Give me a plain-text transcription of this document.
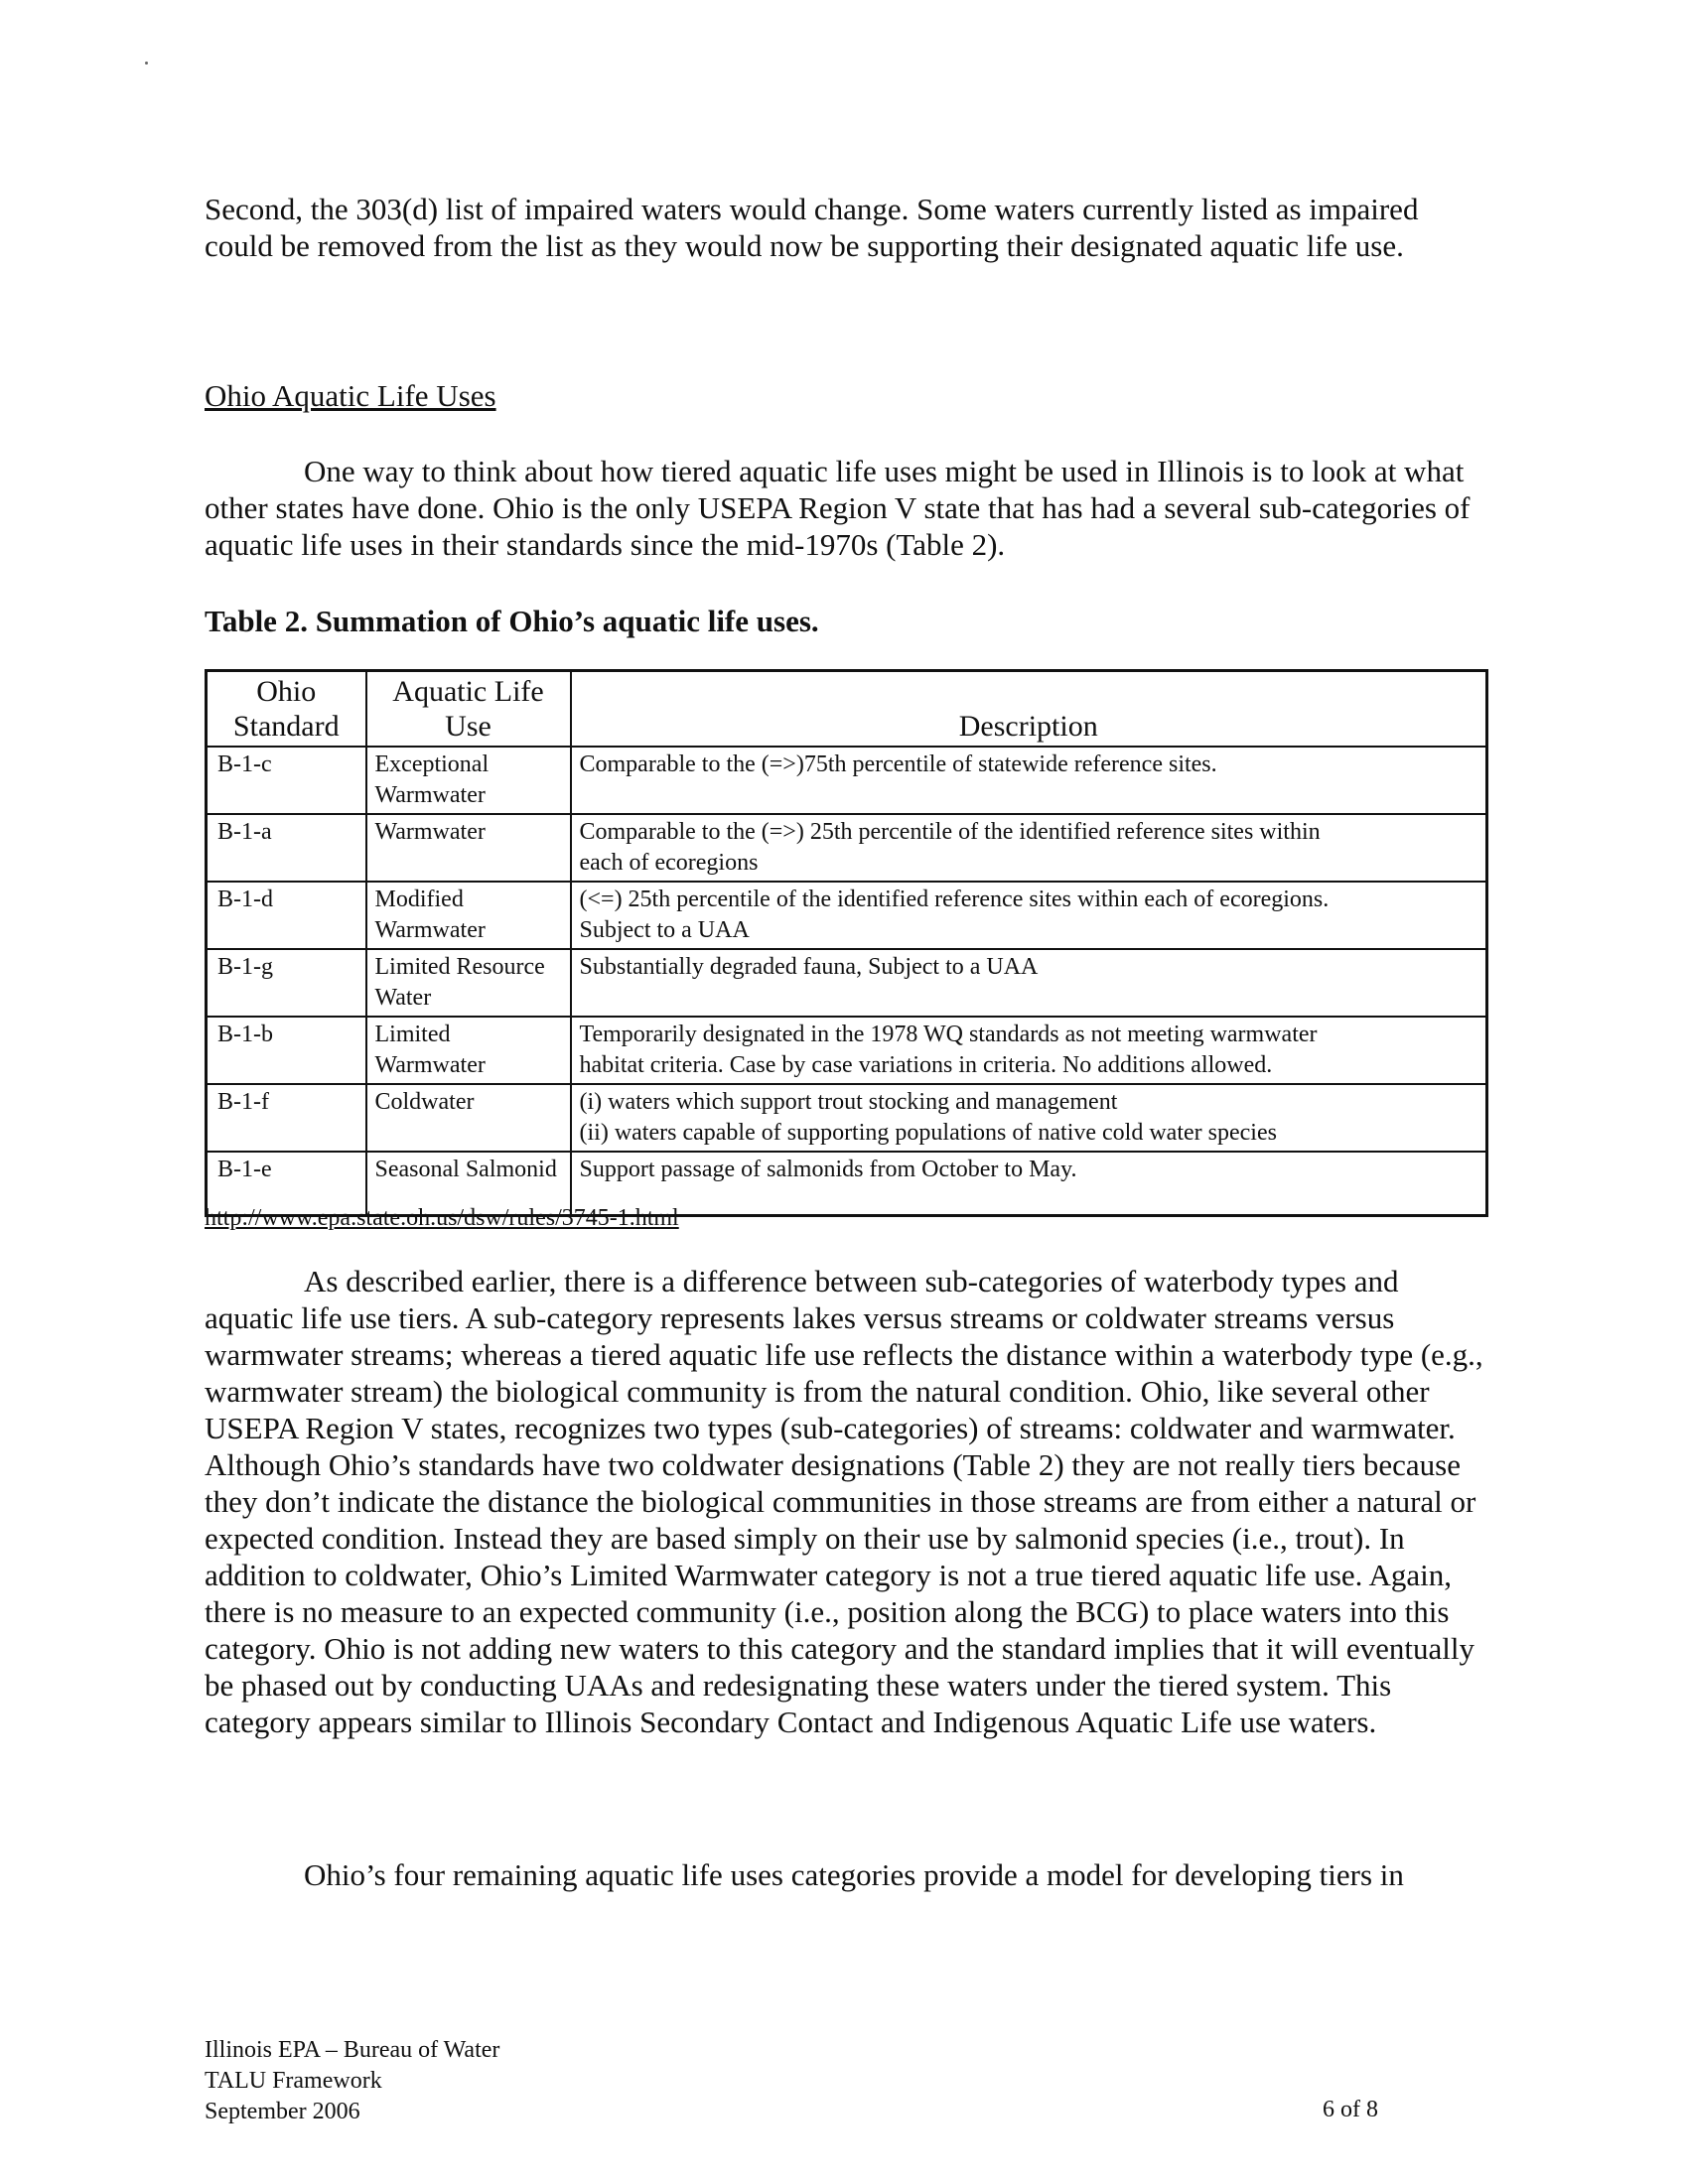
Second, the 303(d) list of impaired waters would change. Some waters currently listed as impaired could be removed from the list as they would now be supporting their designated aquatic life use.

Ohio Aquatic Life Uses

One way to think about how tiered aquatic life uses might be used in Illinois is to look at what other states have done. Ohio is the only USEPA Region V state that has had a several sub-categories of aquatic life uses in their standards since the mid-1970s (Table 2).

Table 2. Summation of Ohio’s aquatic life uses.

Ohio Standard	Aquatic Life Use	Description
B-1-c	Exceptional Warmwater	Comparable to the (=>)75th percentile of statewide reference sites.

B-1-a	Warmwater	Comparable to the (=>) 25th percentile of the identified reference sites within
each of ecoregions

B-1-d	Modified Warmwater	(<=) 25th percentile of the identified reference sites within each of ecoregions.
Subject to a UAA

B-1-g	Limited Resource Water	Substantially degraded fauna, Subject to a UAA

B-1-b	Limited Warmwater	Temporarily designated in the 1978 WQ standards as not meeting warmwater
habitat criteria. Case by case variations in criteria. No additions allowed.

B-1-f	Coldwater	(i) waters which support trout stocking and management
(ii) waters capable of supporting populations of native cold water species

B-1-e	Seasonal Salmonid	Support passage of salmonids from October to May.

http://www.epa.state.oh.us/dsw/rules/3745-1.html

As described earlier, there is a difference between sub-categories of waterbody types and aquatic life use tiers. A sub-category represents lakes versus streams or coldwater streams versus warmwater streams; whereas a tiered aquatic life use reflects the distance within a waterbody type (e.g., warmwater stream) the biological community is from the natural condition. Ohio, like several other USEPA Region V states, recognizes two types (sub-categories) of streams: coldwater and warmwater. Although Ohio’s standards have two coldwater designations (Table 2) they are not really tiers because they don’t indicate the distance the biological communities in those streams are from either a natural or expected condition. Instead they are based simply on their use by salmonid species (i.e., trout). In addition to coldwater, Ohio’s Limited Warmwater category is not a true tiered aquatic life use. Again, there is no measure to an expected community (i.e., position along the BCG) to place waters into this category. Ohio is not adding new waters to this category and the standard implies that it will eventually be phased out by conducting UAAs and redesignating these waters under the tiered system. This category appears similar to Illinois Secondary Contact and Indigenous Aquatic Life use waters.

Ohio’s four remaining aquatic life uses categories provide a model for developing tiers in

Illinois EPA – Bureau of Water
TALU Framework
September 2006	6 of 8
